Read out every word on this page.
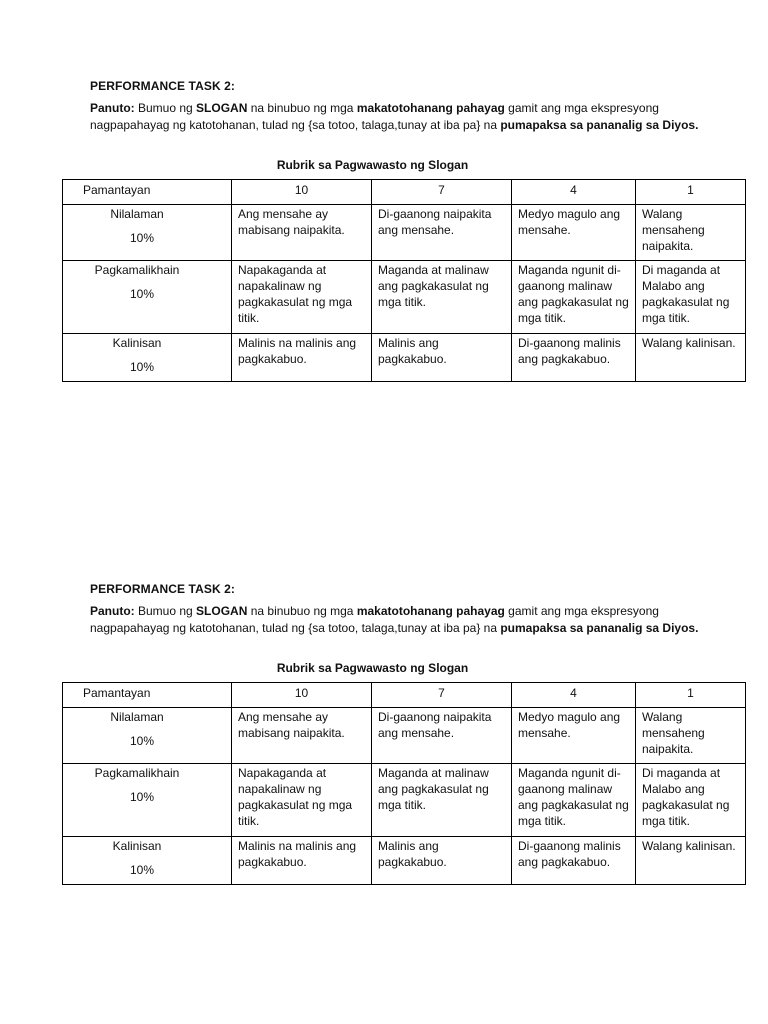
PERFORMANCE TASK 2:
Panuto: Bumuo ng SLOGAN na binubuo ng mga makatotohanang pahayag gamit ang mga ekspresyong nagpapahayag ng katotohanan, tulad ng {sa totoo, talaga,tunay at iba pa} na pumapaksa sa pananalig sa Diyos.
Rubrik sa Pagwawasto ng Slogan
Pamantayan	10	7	4	1

Nilalaman
10%	Ang mensahe ay mabisang naipakita.	Di-gaanong naipakita ang mensahe.	Medyo magulo ang mensahe.	Walang mensaheng naipakita.

Pagkamalikhain
10%	Napakaganda at napakalinaw ng pagkakasulat ng mga titik.	Maganda at malinaw ang pagkakasulat ng mga titik.	Maganda ngunit di-gaanong malinaw ang pagkakasulat ng mga titik.	Di maganda at Malabo ang pagkakasulat ng mga titik.

Kalinisan
10%	Malinis na malinis ang pagkakabuo.	Malinis ang pagkakabuo.	Di-gaanong malinis ang pagkakabuo.	Walang kalinisan.
PERFORMANCE TASK 2:
Panuto: Bumuo ng SLOGAN na binubuo ng mga makatotohanang pahayag gamit ang mga ekspresyong nagpapahayag ng katotohanan, tulad ng {sa totoo, talaga,tunay at iba pa} na pumapaksa sa pananalig sa Diyos.
Rubrik sa Pagwawasto ng Slogan
Pamantayan	10	7	4	1

Nilalaman
10%	Ang mensahe ay mabisang naipakita.	Di-gaanong naipakita ang mensahe.	Medyo magulo ang mensahe.	Walang mensaheng naipakita.

Pagkamalikhain
10%	Napakaganda at napakalinaw ng pagkakasulat ng mga titik.	Maganda at malinaw ang pagkakasulat ng mga titik.	Maganda ngunit di-gaanong malinaw ang pagkakasulat ng mga titik.	Di maganda at Malabo ang pagkakasulat ng mga titik.

Kalinisan
10%	Malinis na malinis ang pagkakabuo.	Malinis ang pagkakabuo.	Di-gaanong malinis ang pagkakabuo.	Walang kalinisan.
